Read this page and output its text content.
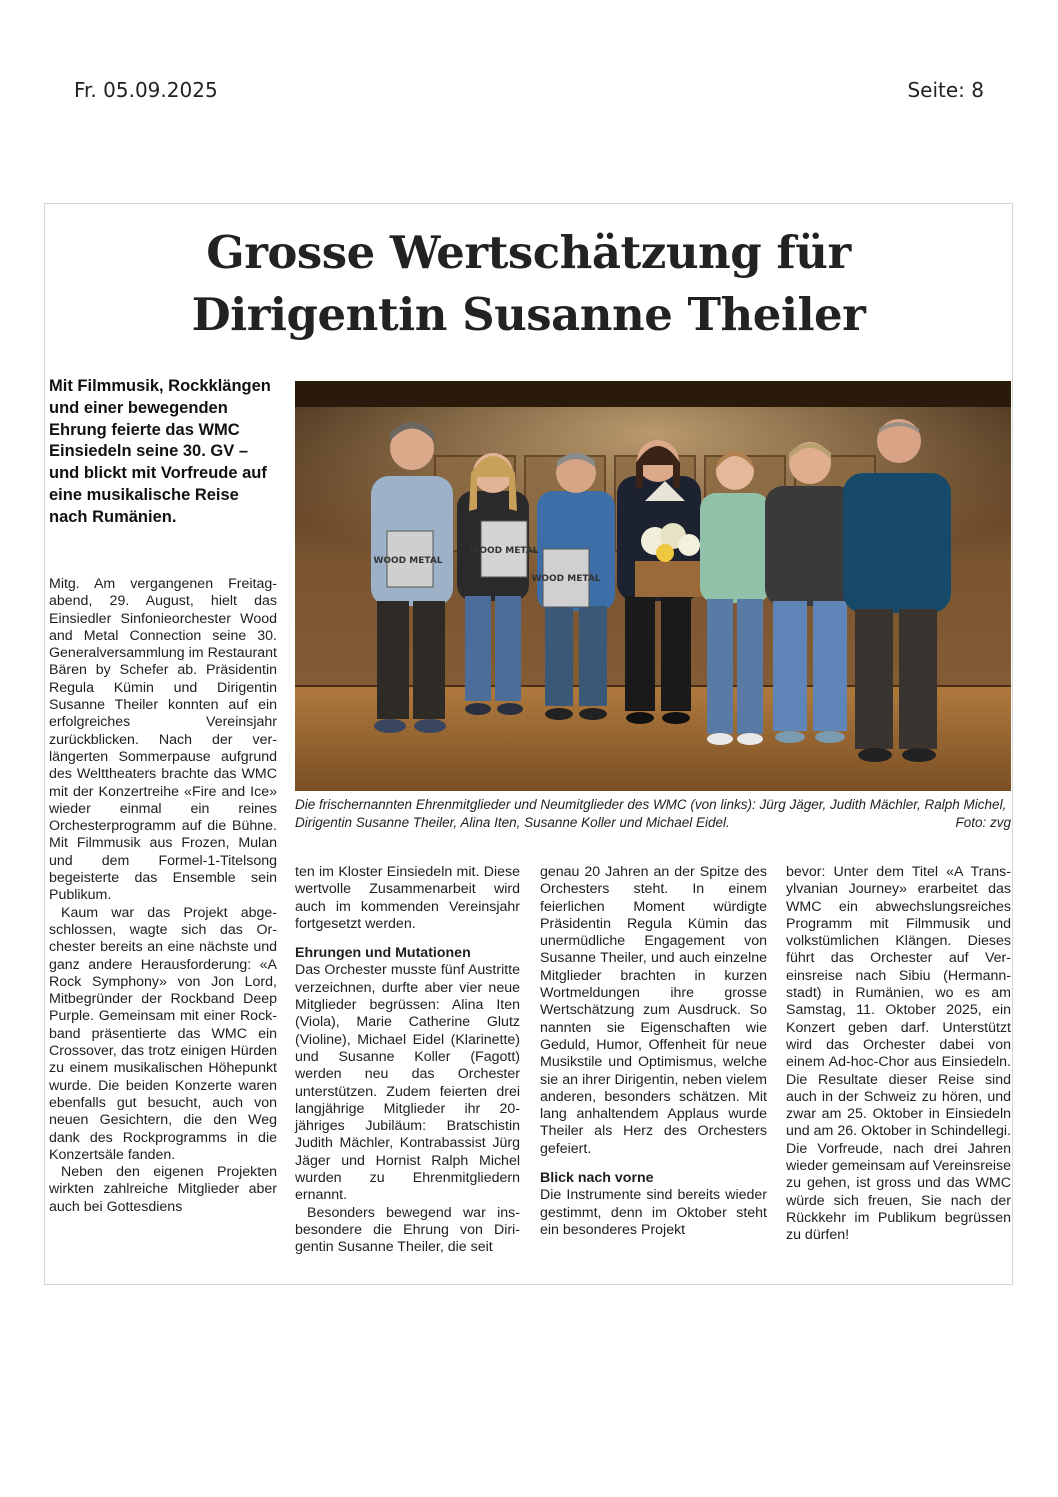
Fr. 05.09.2025	Seite: 8
Grosse Wertschätzung für
Dirigentin Susanne Theiler
Mit Filmmusik, Rockklängen und einer bewegenden Ehrung feierte das WMC Einsiedeln seine 30. GV – und blickt mit Vorfreude auf eine musikalische Reise nach Rumänien.

Mitg. Am vergangenen Freitagabend, 29. August, hielt das Einsiedler Sinfonieorchester Wood and Metal Connection seine 30. Generalversammlung im Restaurant Bären by Schefer ab. Präsidentin Regula Kümin und Dirigentin Susanne Theiler konnten auf ein erfolgreiches Vereinsjahr zurückblicken. Nach der verlängerten Sommerpause aufgrund des Welttheaters brachte das WMC mit der Konzertreihe «Fire and Ice» wieder einmal ein reines Orchesterprogramm auf die Bühne. Mit Filmmusik aus Frozen, Mulan und dem Formel-1-Titelsong begeisterte das Ensemble sein Publikum.

Kaum war das Projekt abgeschlossen, wagte sich das Orchester bereits an eine nächste und ganz andere Herausforderung: «A Rock Symphony» von Jon Lord, Mitbegründer der Rockband Deep Purple. Gemeinsam mit einer Rockband präsentierte das WMC ein Crossover, das trotz einigen Hürden zu einem musikalischen Höhepunkt wurde. Die beiden Konzerte waren ebenfalls gut besucht, auch von neuen Gesichtern, die den Weg dank des Rockprogramms in die Konzertsäle fanden.

Neben den eigenen Projekten wirkten zahlreiche Mitglieder aber auch bei Gottesdiens

WOOD METAL
WOOD METAL
WOOD METAL
Die frischernannten Ehrenmitglieder und Neumitglieder des WMC (von links): Jürg Jäger, Judith Mächler, Ralph Michel, Dirigentin Susanne Theiler, Alina Iten, Susanne Koller und Michael Eidel.	Foto: zvg

ten im Kloster Einsiedeln mit. Diese wertvolle Zusammenarbeit wird auch im kommenden Vereinsjahr fortgesetzt werden.

Ehrungen und Mutationen

Das Orchester musste fünf Austritte verzeichnen, durfte aber vier neue Mitglieder begrüssen: Alina Iten (Viola), Marie Catherine Glutz (Violine), Michael Eidel (Klarinette) und Susanne Koller (Fagott) werden neu das Orchester unterstützen. Zudem feierten drei langjährige Mitglieder ihr 20-jähriges Jubiläum: Bratschistin Judith Mächler, Kontrabassist Jürg Jäger und Hornist Ralph Michel wurden zu Ehrenmitgliedern ernannt.

Besonders bewegend war insbesondere die Ehrung von Dirigentin Susanne Theiler, die seit

genau 20 Jahren an der Spitze des Orchesters steht. In einem feierlichen Moment würdigte Präsidentin Regula Kümin das unermüdliche Engagement von Susanne Theiler, und auch einzelne Mitglieder brachten in kurzen Wortmeldungen ihre grosse Wertschätzung zum Ausdruck. So nannten sie Eigenschaften wie Geduld, Humor, Offenheit für neue Musikstile und Optimismus, welche sie an ihrer Dirigentin, neben vielem anderen, besonders schätzen. Mit lang anhaltendem Applaus wurde Theiler als Herz des Orchesters gefeiert.

Blick nach vorne

Die Instrumente sind bereits wieder gestimmt, denn im Oktober steht ein besonderes Projekt

bevor: Unter dem Titel «A Transylvanian Journey» erarbeitet das WMC ein abwechslungsreiches Programm mit Filmmusik und volkstümlichen Klängen. Dieses führt das Orchester auf Vereinsreise nach Sibiu (Hermannstadt) in Rumänien, wo es am Samstag, 11. Oktober 2025, ein Konzert geben darf. Unterstützt wird das Orchester dabei von einem Ad-hoc-Chor aus Einsiedeln. Die Resultate dieser Reise sind auch in der Schweiz zu hören, und zwar am 25. Oktober in Einsiedeln und am 26. Oktober in Schindellegi. Die Vorfreude, nach drei Jahren wieder gemeinsam auf Vereinsreise zu gehen, ist gross und das WMC würde sich freuen, Sie nach der Rückkehr im Publikum begrüssen zu dürfen!
